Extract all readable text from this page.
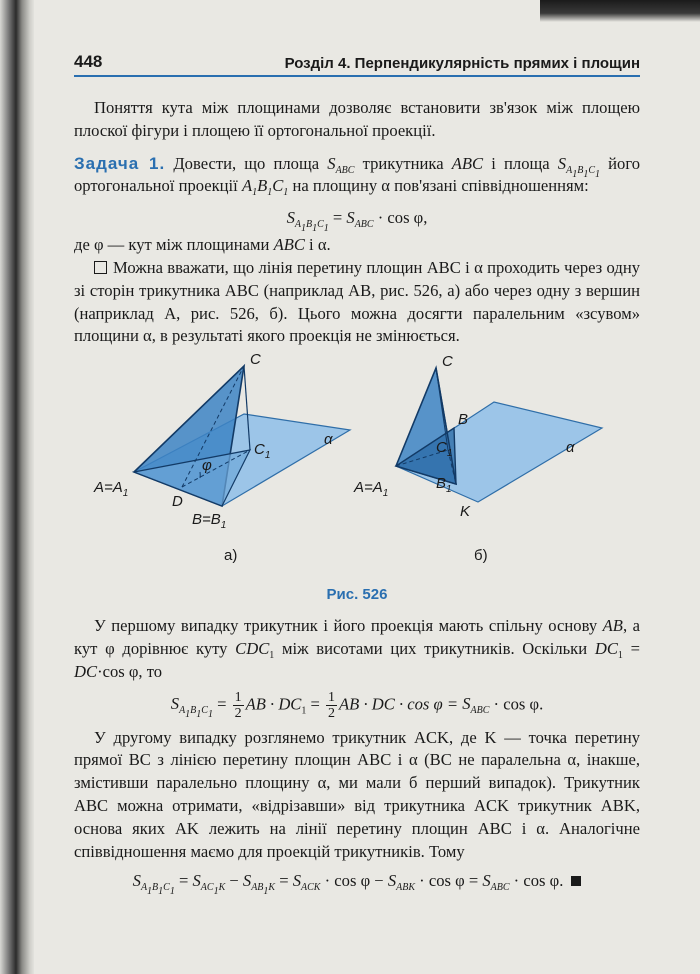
448	Розділ 4. Перпендикулярність прямих і площин

Поняття кута між площинами дозволяє встановити зв'язок між площею плоскої фігури і площею її ортогональної проекції.

Задача 1. Довести, що площа $S_{ABC}$ трикутника ABC і площа $S_{A_1B_1C_1}$ його ортогональної проекції $A_1B_1C_1$ на площину α пов'язані співвідношенням:

$S_{A_1B_1C_1} = S_{ABC} \cdot \cos \varphi$,

де φ — кут між площинами ABC і α.

Можна вважати, що лінія перетину площин ABC і α проходить через одну зі сторін трикутника ABC (наприклад AB, рис. 526, а) або через одну з вершин (наприклад A, рис. 526, б). Цього можна досягти паралельним «зсувом» площини α, в результаті якого проекція не змінюється.

C
$C_1$
α
φ
$A=A_1$	D
$B=B_1$
а)
C
B
$C_1$
$B_1$
α
$A=A_1$
K
б)
Рис. 526

У першому випадку трикутник і його проекція мають спільну основу AB, а кут φ дорівнює куту $CDC_1$ між висотами цих трикутників. Оскільки $DC_1 = DC\cdot\cos$ φ, то

$S_{A_1B_1C_1} = \frac{1}{2}$ AB · $DC_1 = \frac{1}{2}$ AB · DC · $\cos \varphi = S_{ABC} \cdot \cos \varphi$.

У другому випадку розглянемо трикутник ACK, де K — точка перетину прямої BC з лінією перетину площин ABC і α (BC не паралельна α, інакше, змістивши паралельно площину α, ми мали б перший випадок). Трикутник ABC можна отримати, «відрізавши» від трикутника ACK трикутник ABK, основа яких AK лежить на лінії перетину площин ABC і α. Аналогічне співвідношення маємо для проекцій трикутників. Тому

$S_{A_1B_1C_1} = S_{AC_1K} - S_{AB_1K} = S_{ACK} \cdot \cos \varphi - S_{ABK} \cdot \cos \varphi = S_{ABC} \cdot \cos \varphi$.
